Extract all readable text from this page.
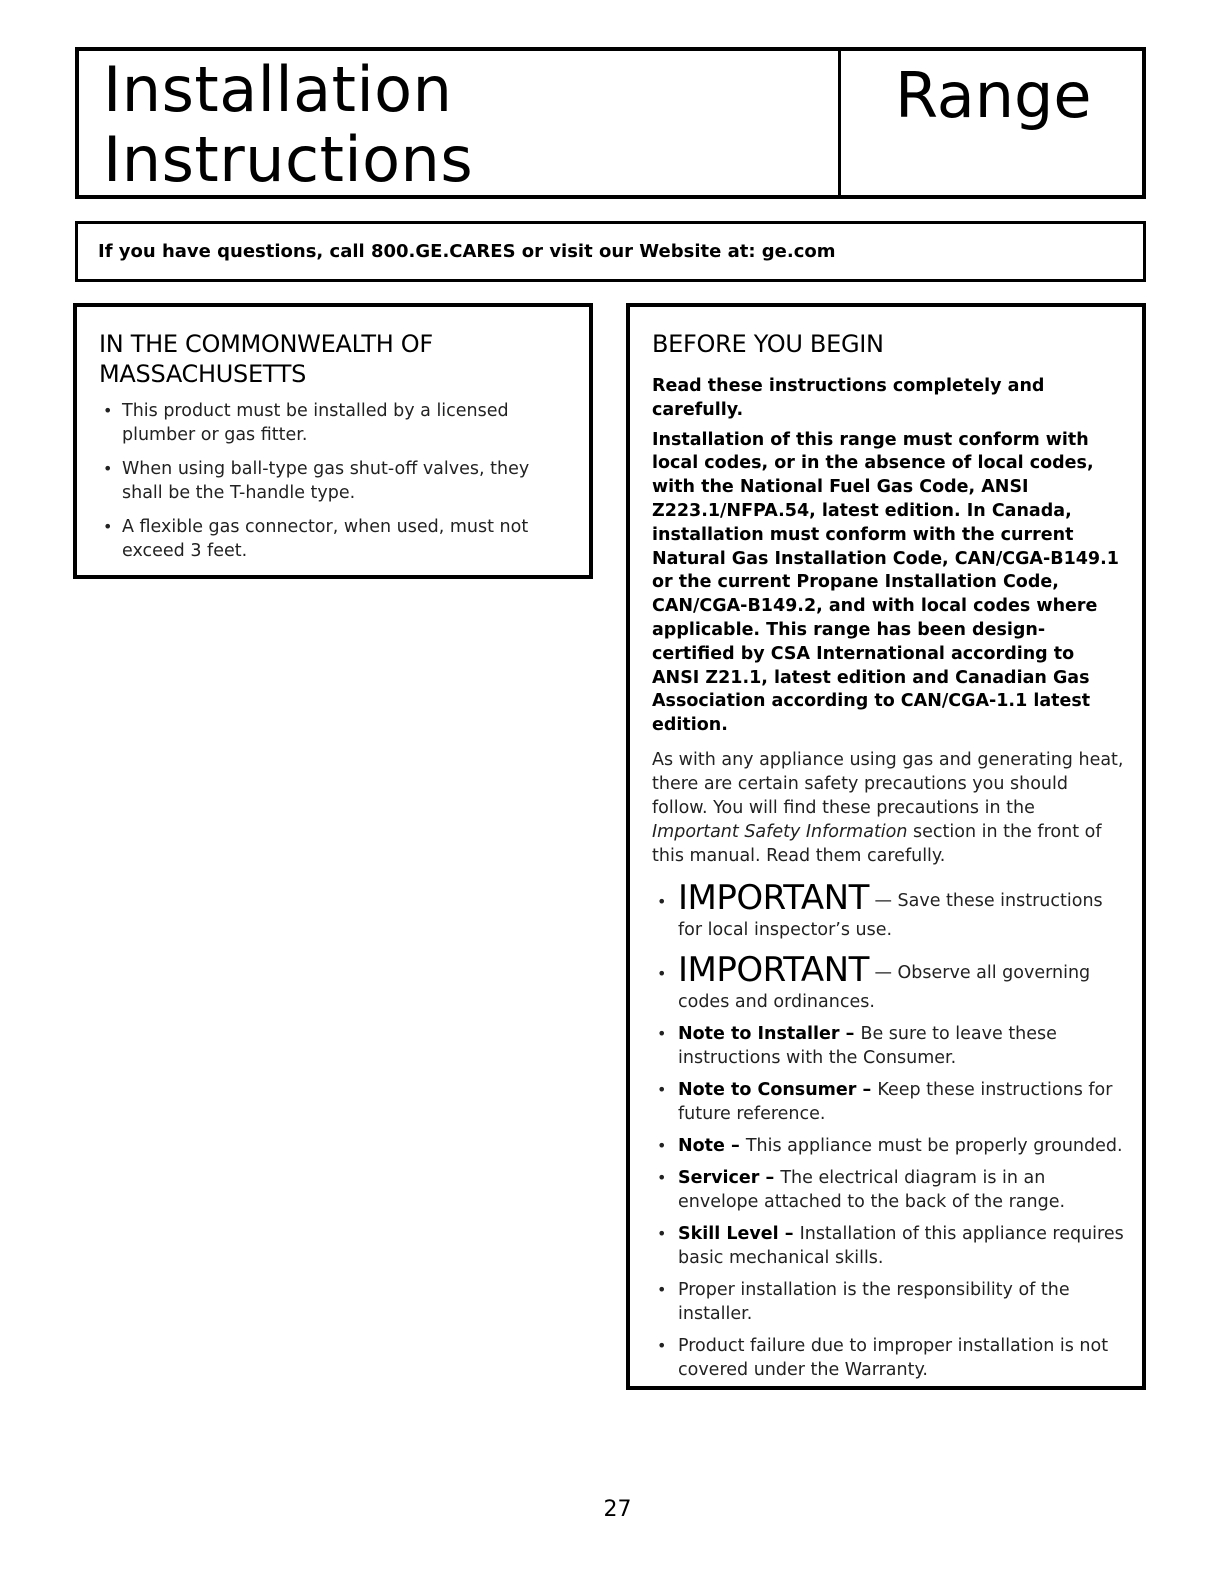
Installation
Instructions
Range
If you have questions, call 800.GE.CARES or visit our Website at: ge.com
IN THE COMMONWEALTH OF
MASSACHUSETTS
• This product must be installed by a licensed plumber or gas fitter.
• When using ball-type gas shut-off valves, they shall be the T-handle type.
• A flexible gas connector, when used, must not exceed 3 feet.
BEFORE YOU BEGIN

Read these instructions completely and carefully.

Installation of this range must conform with local codes, or in the absence of local codes, with the National Fuel Gas Code, ANSI Z223.1/NFPA.54, latest edition. In Canada, installation must conform with the current Natural Gas Installation Code, CAN/CGA-B149.1 or the current Propane Installation Code, CAN/CGA-B149.2, and with local codes where applicable. This range has been design-certified by CSA International according to ANSI Z21.1, latest edition and Canadian Gas Association according to CAN/CGA-1.1 latest edition.

As with any appliance using gas and generating heat, there are certain safety precautions you should follow. You will find these precautions in the Important Safety Information section in the front of this manual. Read them carefully.

• IMPORTANT — Save these instructions for local inspector’s use.
• IMPORTANT — Observe all governing codes and ordinances.
• Note to Installer – Be sure to leave these instructions with the Consumer.
• Note to Consumer – Keep these instructions for future reference.
• Note – This appliance must be properly grounded.
• Servicer – The electrical diagram is in an envelope attached to the back of the range.
• Skill Level – Installation of this appliance requires basic mechanical skills.
• Proper installation is the responsibility of the installer.
• Product failure due to improper installation is not covered under the Warranty.
27
